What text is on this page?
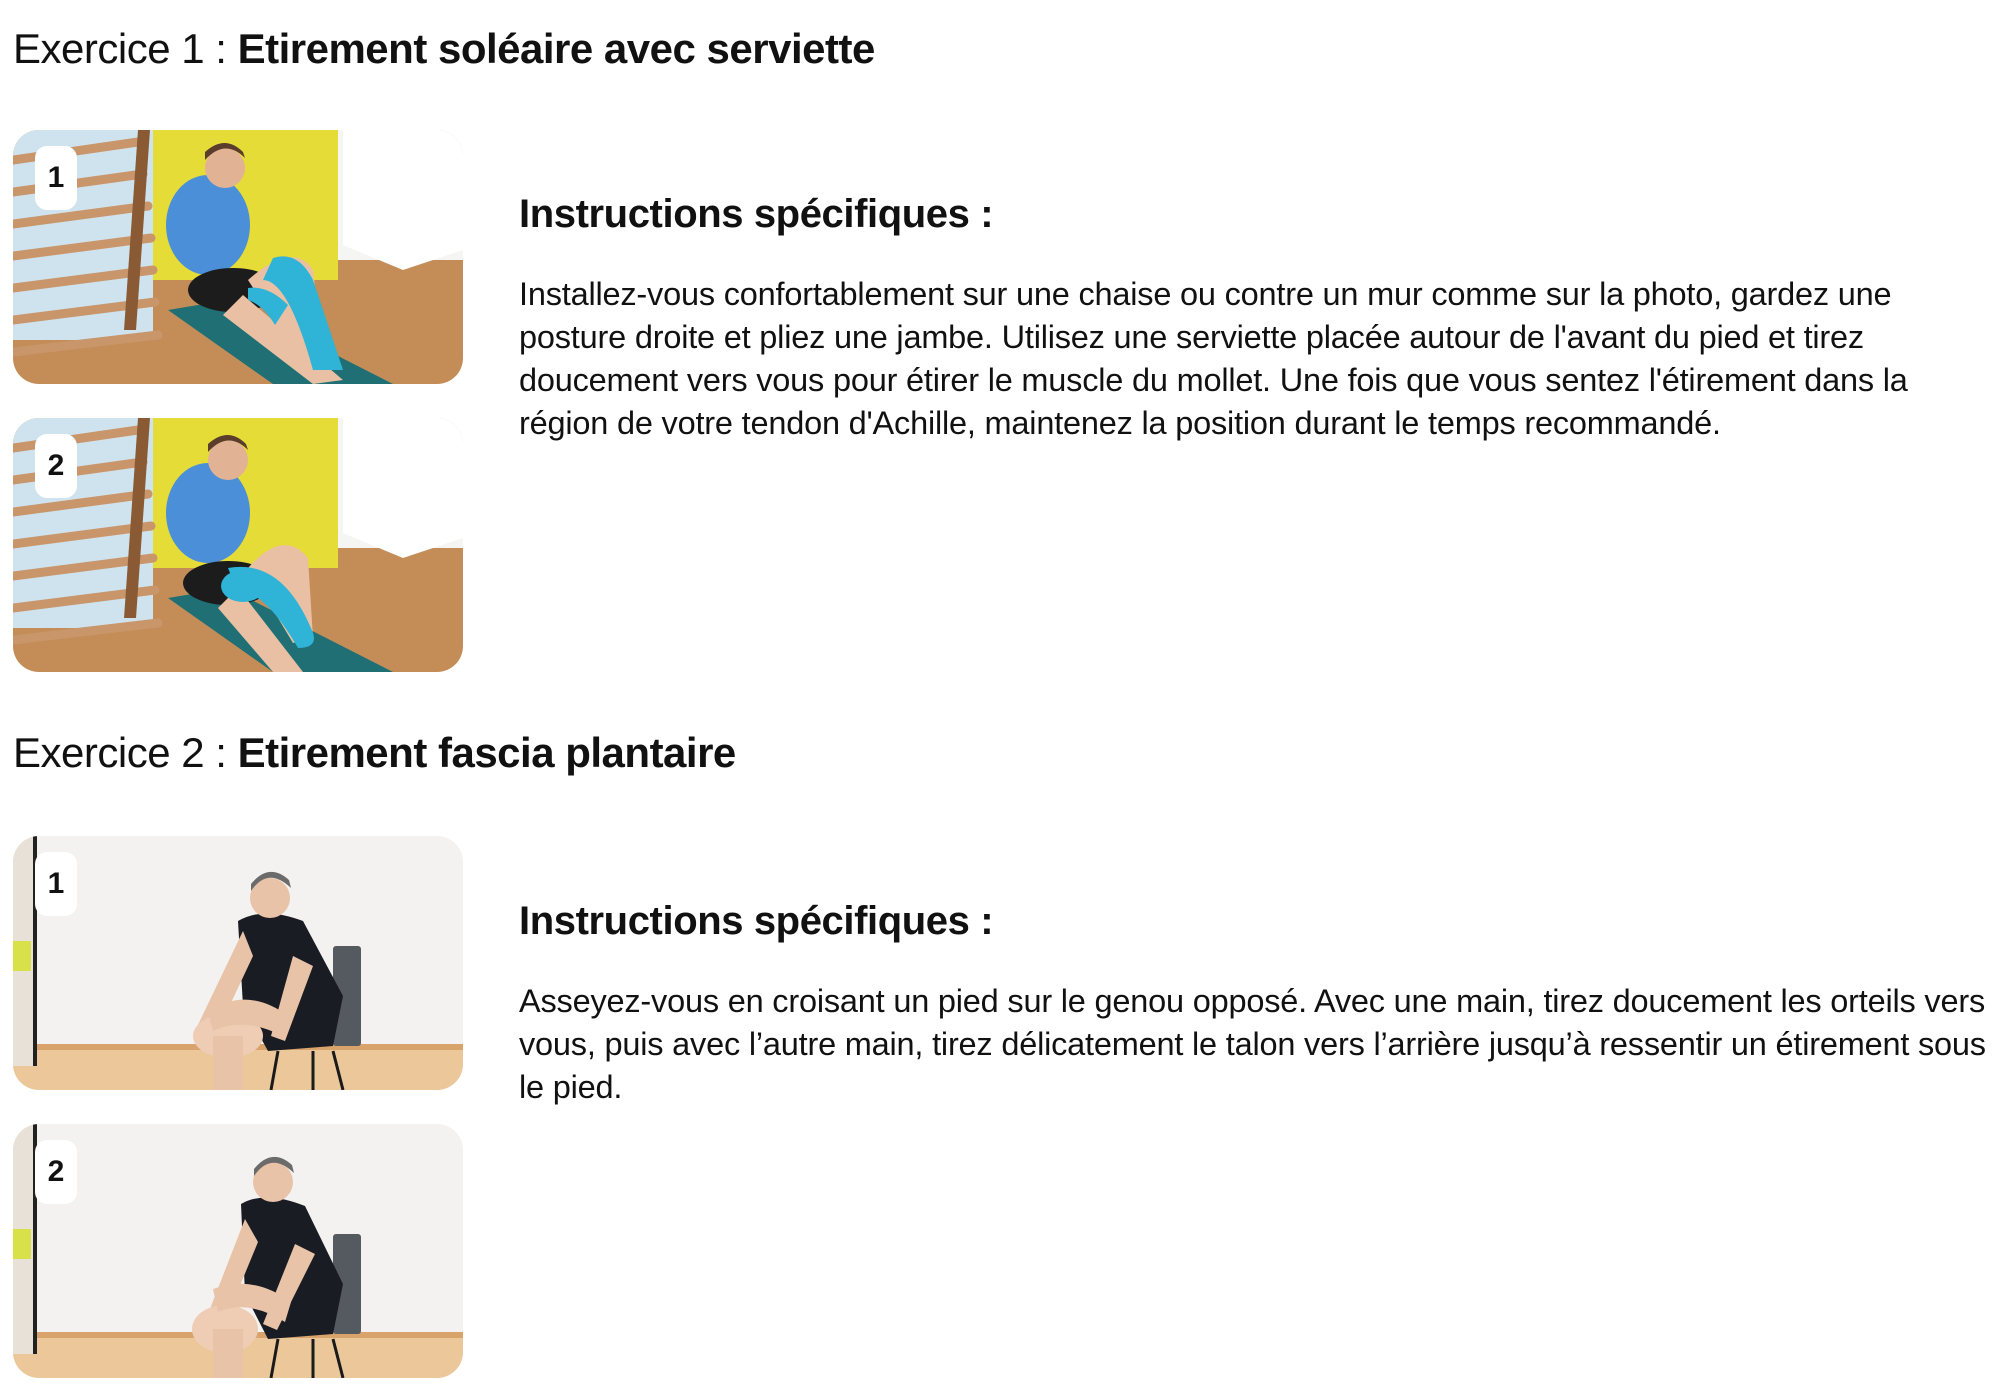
Exercice 1 : Etirement soléaire avec serviette
1
2
Instructions spécifiques :

Installez-vous confortablement sur une chaise ou contre un mur comme sur la photo, gardez une posture droite et pliez une jambe. Utilisez une serviette placée autour de l'avant du pied et tirez doucement vers vous pour étirer le muscle du mollet. Une fois que vous sentez l'étirement dans la région de votre tendon d'Achille, maintenez la position durant le temps recommandé.

Exercice 2 : Etirement fascia plantaire
1
2
Instructions spécifiques :

Asseyez-vous en croisant un pied sur le genou opposé. Avec une main, tirez doucement les orteils vers vous, puis avec l’autre main, tirez délicatement le talon vers l’arrière jusqu’à ressentir un étirement sous le pied.
